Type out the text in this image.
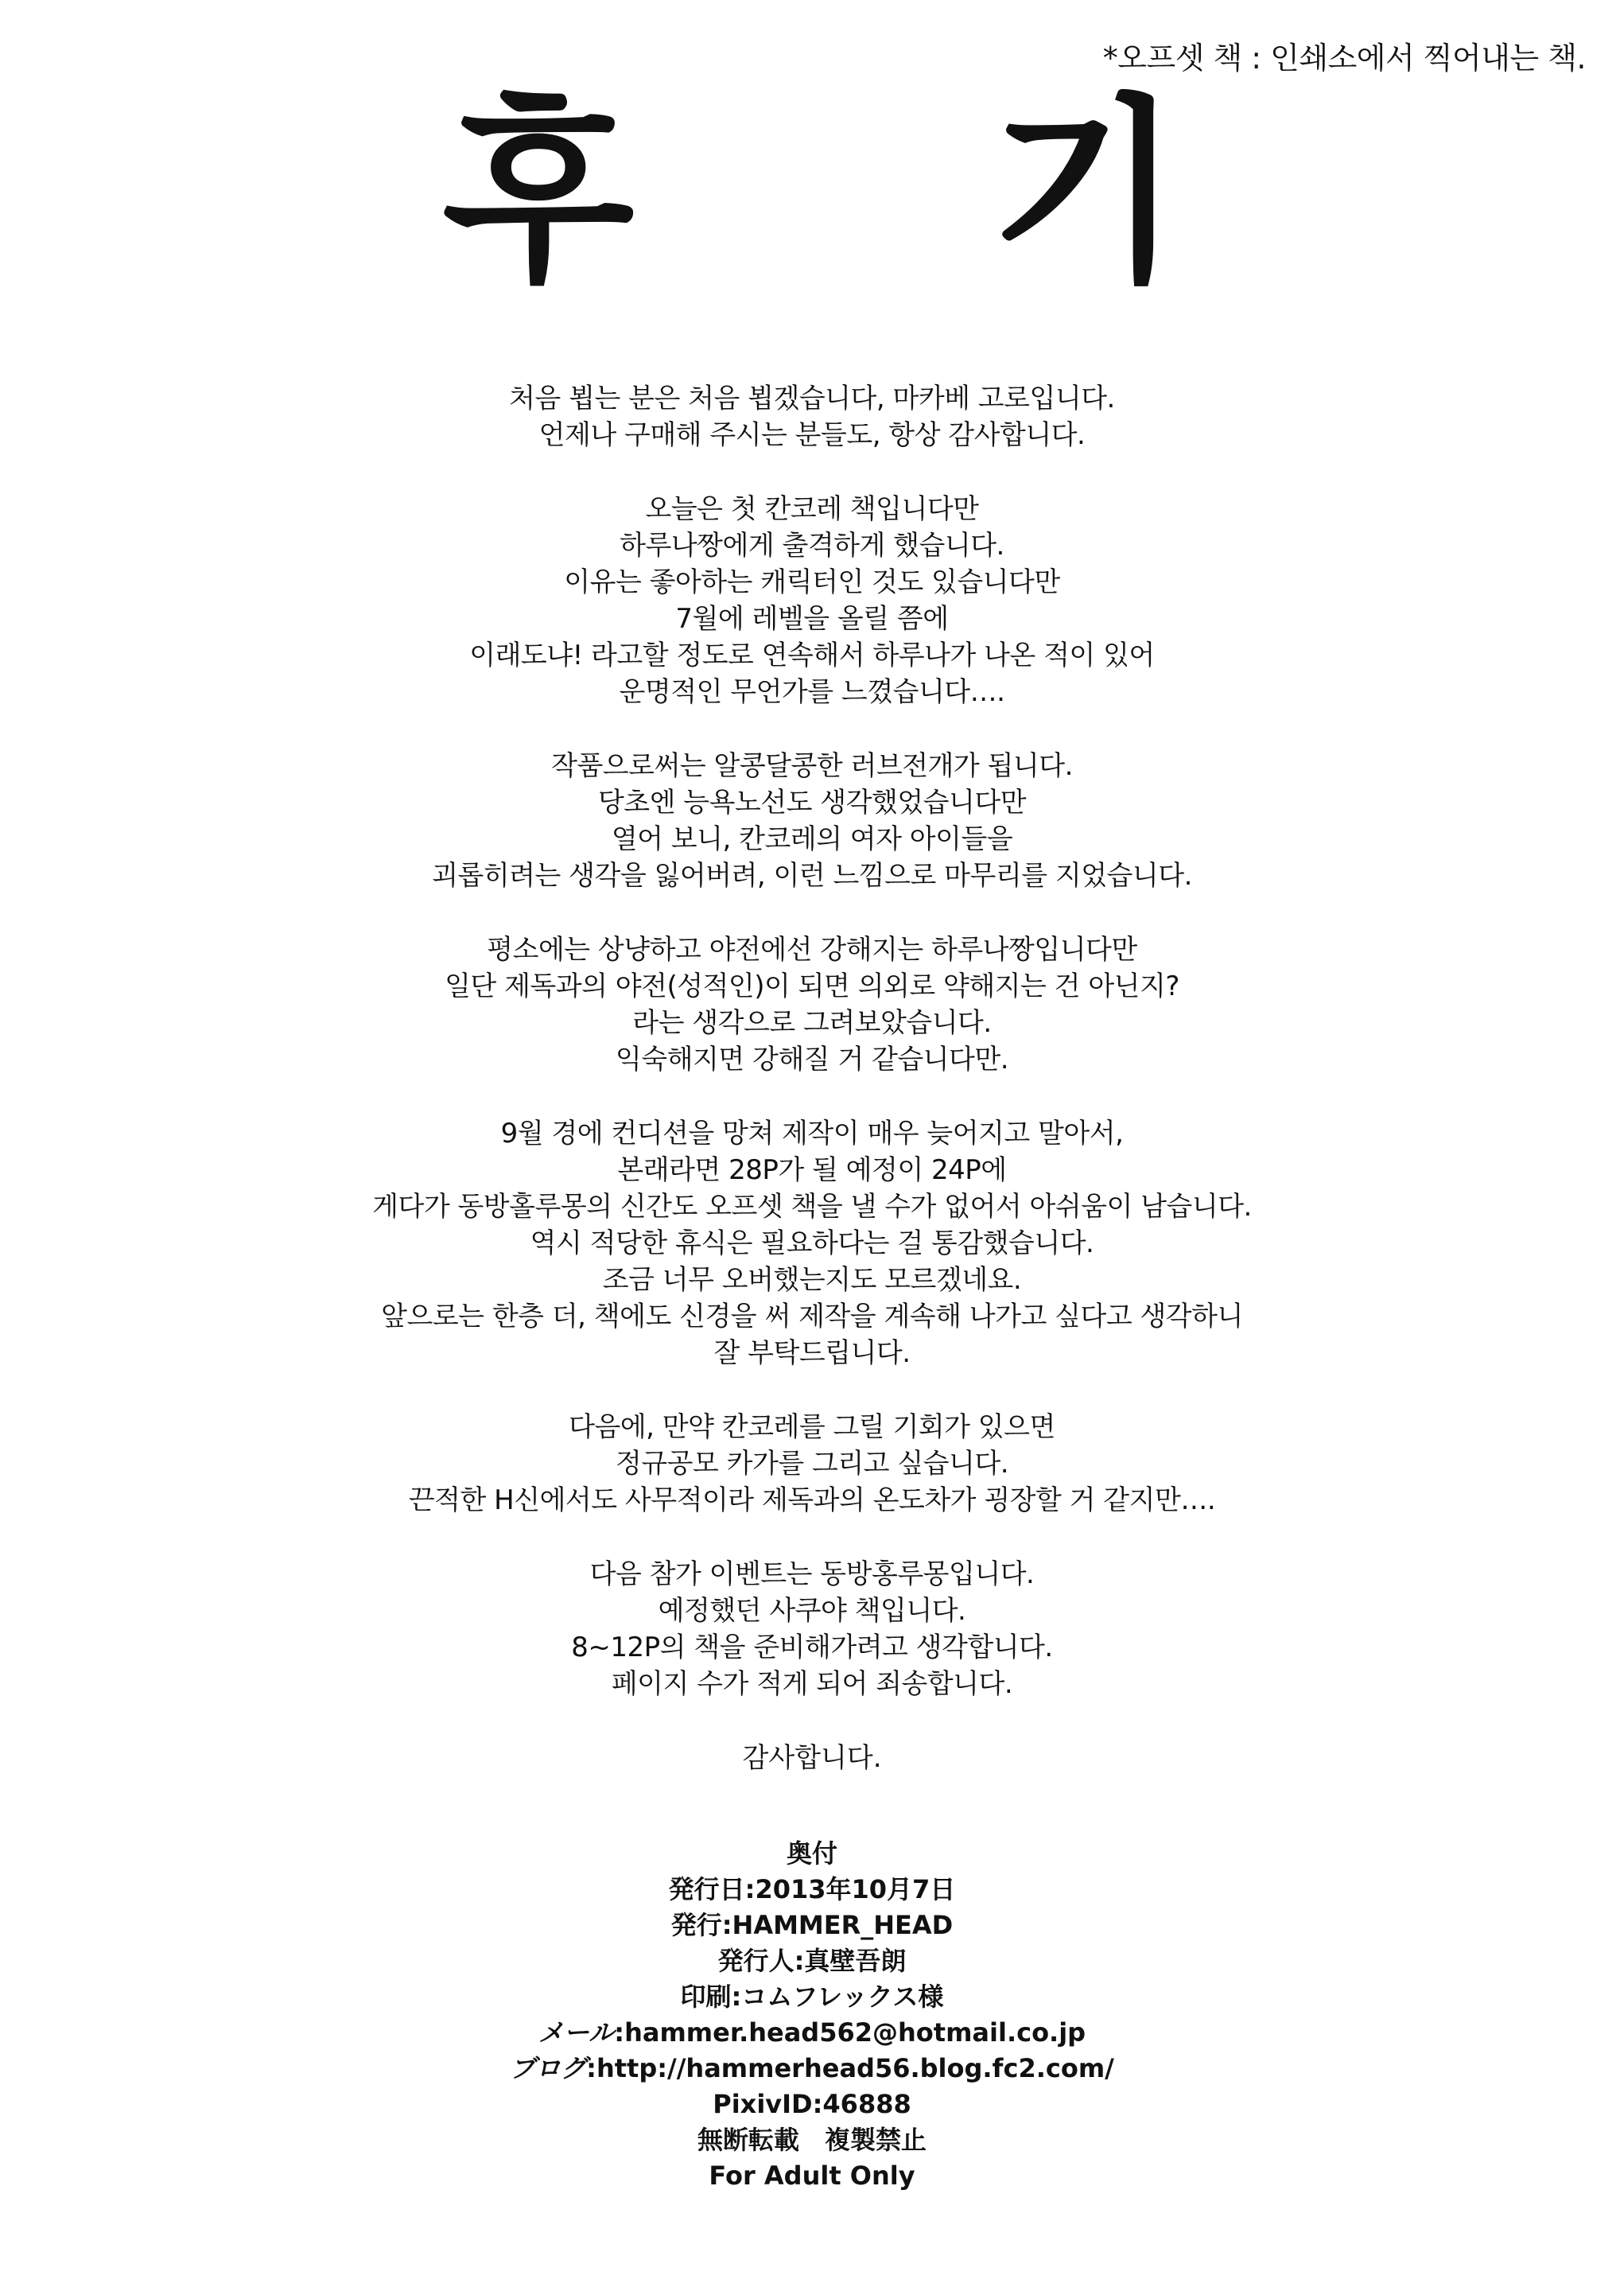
*오프셋 책 : 인쇄소에서 찍어내는 책.
후 기
처음 뵙는 분은 처음 뵙겠습니다, 마카베 고로입니다.
언제나 구매해 주시는 분들도, 항상 감사합니다.
오늘은 첫 칸코레 책입니다만
하루나짱에게 출격하게 했습니다.
이유는 좋아하는 캐릭터인 것도 있습니다만
7월에 레벨을 올릴 쯤에
이래도냐! 라고할 정도로 연속해서 하루나가 나온 적이 있어
운명적인 무언가를 느꼈습니다….
작품으로써는 알콩달콩한 러브전개가 됩니다.
당초엔 능욕노선도 생각했었습니다만
열어 보니, 칸코레의 여자 아이들을
괴롭히려는 생각을 잃어버려, 이런 느낌으로 마무리를 지었습니다.
평소에는 상냥하고 야전에선 강해지는 하루나짱입니다만
일단 제독과의 야전(성적인)이 되면 의외로 약해지는 건 아닌지?
라는 생각으로 그려보았습니다.
익숙해지면 강해질 거 같습니다만.
9월 경에 컨디션을 망쳐 제작이 매우 늦어지고 말아서,
본래라면 28P가 될 예정이 24P에
게다가 동방홀루몽의 신간도 오프셋 책을 낼 수가 없어서 아쉬움이 남습니다.
역시 적당한 휴식은 필요하다는 걸 통감했습니다.
조금 너무 오버했는지도 모르겠네요.
앞으로는 한층 더, 책에도 신경을 써 제작을 계속해 나가고 싶다고 생각하니
잘 부탁드립니다.
다음에, 만약 칸코레를 그릴 기회가 있으면
정규공모 카가를 그리고 싶습니다.
끈적한 H신에서도 사무적이라 제독과의 온도차가 굉장할 거 같지만….
다음 참가 이벤트는 동방홍루몽입니다.
예정했던 사쿠야 책입니다.
8~12P의 책을 준비해가려고 생각합니다.
페이지 수가 적게 되어 죄송합니다.
감사합니다.
奥付
発行日:2013年10月7日
発行:HAMMER_HEAD
発行人:真壁吾朗
印刷:コムフレックス様
メール:hammer.head562@hotmail.co.jp
ブログ:http://hammerhead56.blog.fc2.com/
PixivID:46888
無断転載　複製禁止
For Adult Only
